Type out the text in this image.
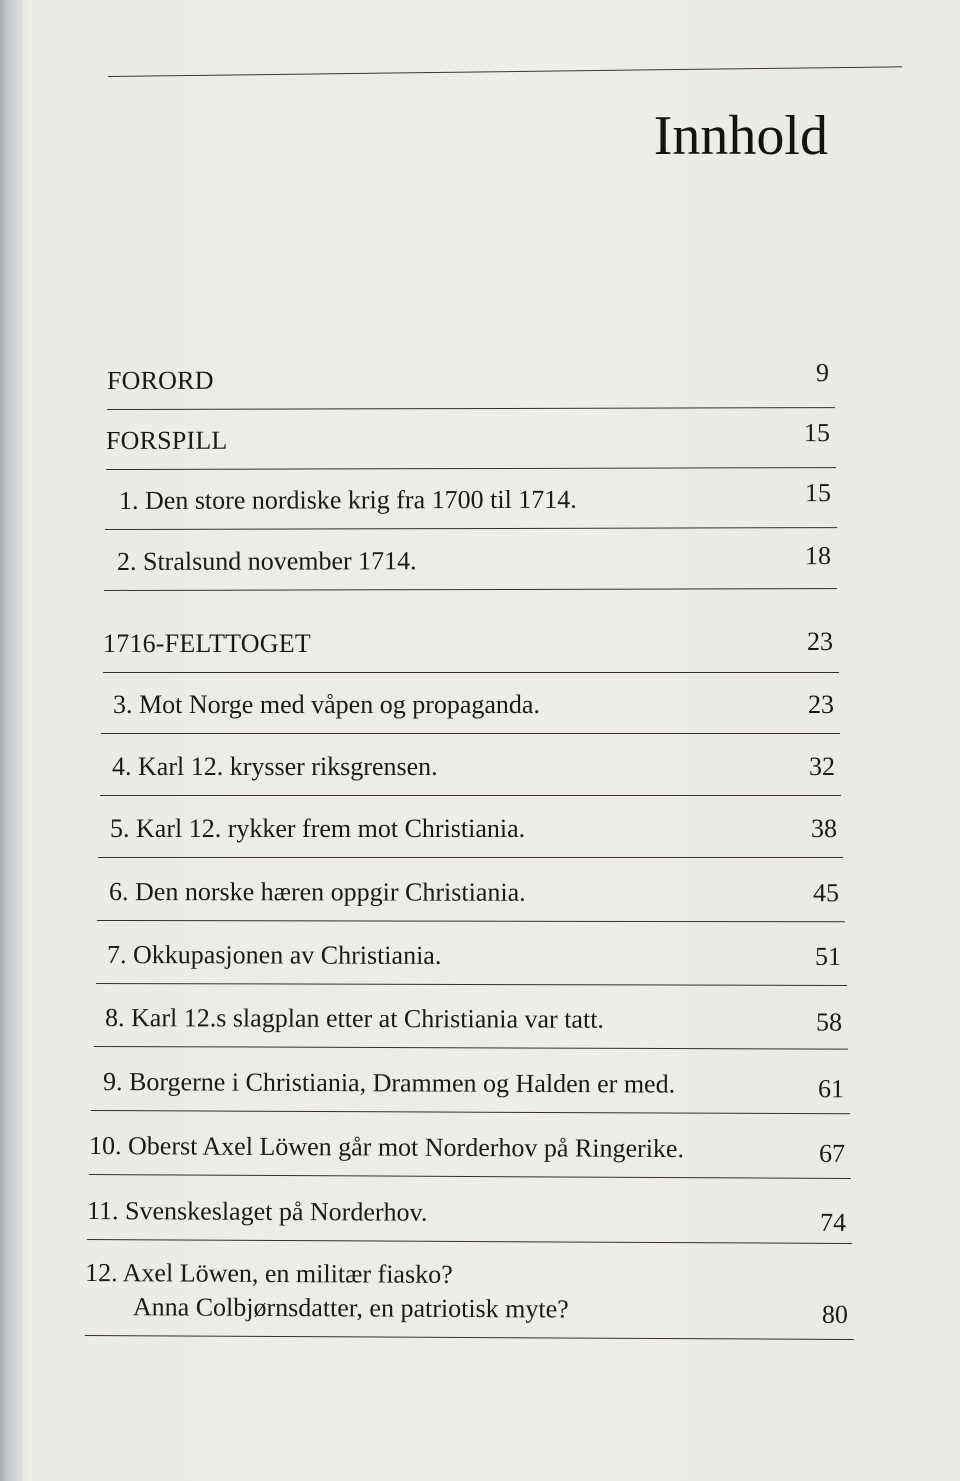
Innhold
FORORD	9
FORSPILL	15
1. Den store nordiske krig fra 1700 til 1714.	15
2. Stralsund november 1714.	18
1716-FELTTOGET	23
3. Mot Norge med våpen og propaganda.	23
4. Karl 12. krysser riksgrensen.	32
5. Karl 12. rykker frem mot Christiania.	38
6. Den norske hæren oppgir Christiania.	45
7. Okkupasjonen av Christiania.	51
8. Karl 12.s slagplan etter at Christiania var tatt.	58
9. Borgerne i Christiania, Drammen og Halden er med.	61
10. Oberst Axel Löwen går mot Norderhov på Ringerike.	67
11. Svenskeslaget på Norderhov.	74
12. Axel Löwen, en militær fiasko?
Anna Colbjørnsdatter, en patriotisk myte?	80
